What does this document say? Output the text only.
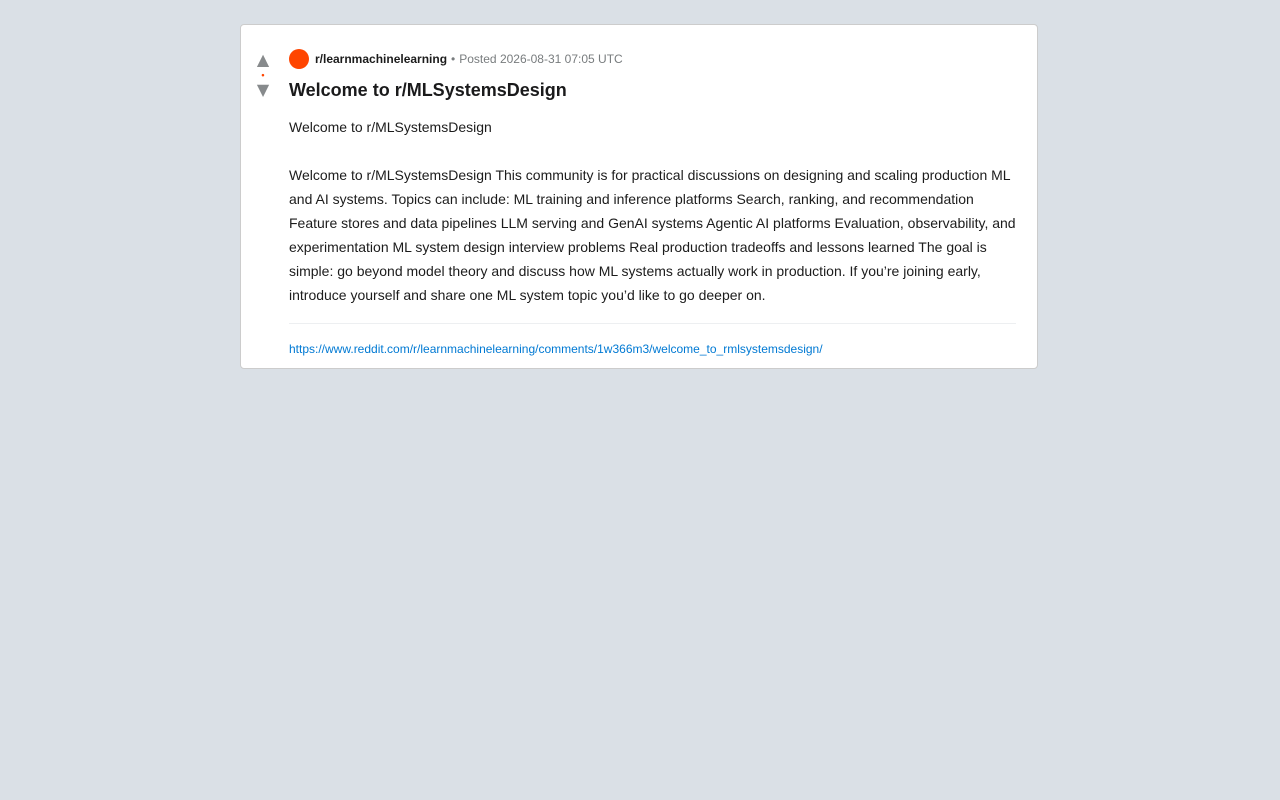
▲
•
▼
r/learnmachinelearning • Posted 2026-08-31 07:05 UTC
Welcome to r/MLSystemsDesign

Welcome to r/MLSystemsDesign

Welcome to r/MLSystemsDesign This community is for practical discussions on designing and scaling production ML and AI systems. Topics can include: ML training and inference platforms Search, ranking, and recommendation Feature stores and data pipelines LLM serving and GenAI systems Agentic AI platforms Evaluation, observability, and experimentation ML system design interview problems Real production tradeoffs and lessons learned The goal is simple: go beyond model theory and discuss how ML systems actually work in production. If you’re joining early, introduce yourself and share one ML system topic you’d like to go deeper on.

https://www.reddit.com/r/learnmachinelearning/comments/1w366m3/welcome_to_rmlsystemsdesign/
